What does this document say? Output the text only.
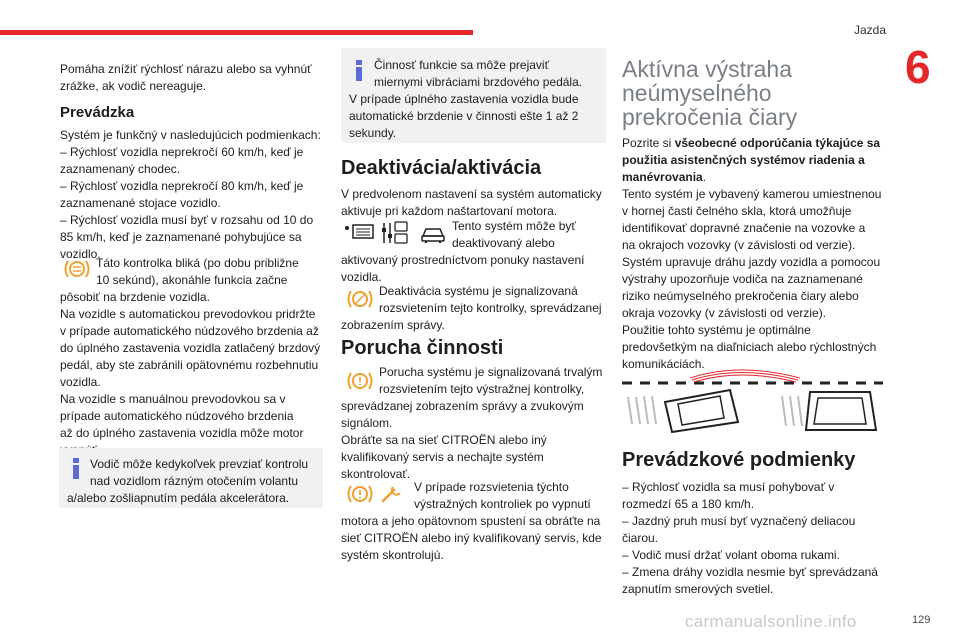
Jazda
6
Pomáha znížiť rýchlosť nárazu alebo sa vyhnúť
zrážke, ak vodič nereaguje.
Prevádzka
Systém je funkčný v nasledujúcich podmienkach:
– Rýchlosť vozidla neprekročí 60 km/h, keď je
zaznamenaný chodec.
– Rýchlosť vozidla neprekročí 80 km/h, keď je
zaznamenané stojace vozidlo.
– Rýchlosť vozidla musí byť v rozsahu od 10 do
85 km/h, keď je zaznamenané pohybujúce sa
vozidlo.
Táto kontrolka bliká (po dobu približne
10 sekúnd), akonáhle funkcia začne
pôsobiť na brzdenie vozidla.
Na vozidle s automatickou prevodovkou pridržte
v prípade automatického núdzového brzdenia až
do úplného zastavenia vozidla zatlačený brzdový
pedál, aby ste zabránili opätovnému rozbehnutiu
vozidla.
Na vozidle s manuálnou prevodovkou sa v
prípade automatického núdzového brzdenia
až do úplného zastavenia vozidla môže motor
Vodič môže kedykoľvek prevziať kontrolu
nad vozidlom rázným otočením volantu
a/alebo zošliapnutím pedála akcelerátora.
Činnosť funkcie sa môže prejaviť
miernymi vibráciami brzdového pedála.
V prípade úplného zastavenia vozidla bude
automatické brzdenie v činnosti ešte 1 až 2
sekundy.
Deaktivácia/aktivácia
V predvolenom nastavení sa systém automaticky
aktivuje pri každom naštartovaní motora.
Tento systém môže byť
deaktivovaný alebo
aktivovaný prostredníctvom ponuky nastavení
vozidla.
Deaktivácia systému je signalizovaná
rozsvietením tejto kontrolky, sprevádzanej
zobrazením správy.
Porucha činnosti
Porucha systému je signalizovaná trvalým
rozsvietením tejto výstražnej kontrolky,
sprevádzanej zobrazením správy a zvukovým
signálom.
Obráťte sa na sieť CITROËN alebo iný
kvalifikovaný servis a nechajte systém
skontrolovať.
V prípade rozsvietenia týchto
výstražných kontroliek po vypnutí
motora a jeho opätovnom spustení sa obráťte na
sieť CITROËN alebo iný kvalifikovaný servis, kde
systém skontrolujú.
Aktívna výstraha
neúmyselného
prekročenia čiary
Pozrite si všeobecné odporúčania týkajúce sa
použitia asistenčných systémov riadenia a
manévrovania.
Tento systém je vybavený kamerou umiestnenou
v hornej časti čelného skla, ktorá umožňuje
identifikovať dopravné značenie na vozovke a
na okrajoch vozovky (v závislosti od verzie).
Systém upravuje dráhu jazdy vozidla a pomocou
výstrahy upozorňuje vodiča na zaznamenané
riziko neúmyselného prekročenia čiary alebo
okraja vozovky (v závislosti od verzie).
Použitie tohto systému je optimálne
predovšetkým na diaľniciach alebo rýchlostných
komunikáciách.
Prevádzkové podmienky
– Rýchlosť vozidla sa musí pohybovať v
rozmedzí 65 a 180 km/h.
– Jazdný pruh musí byť vyznačený deliacou
čiarou.
– Vodič musí držať volant oboma rukami.
– Zmena dráhy vozidla nesmie byť sprevádzaná
zapnutím smerových svetiel.
carmanualsonline.info	129
